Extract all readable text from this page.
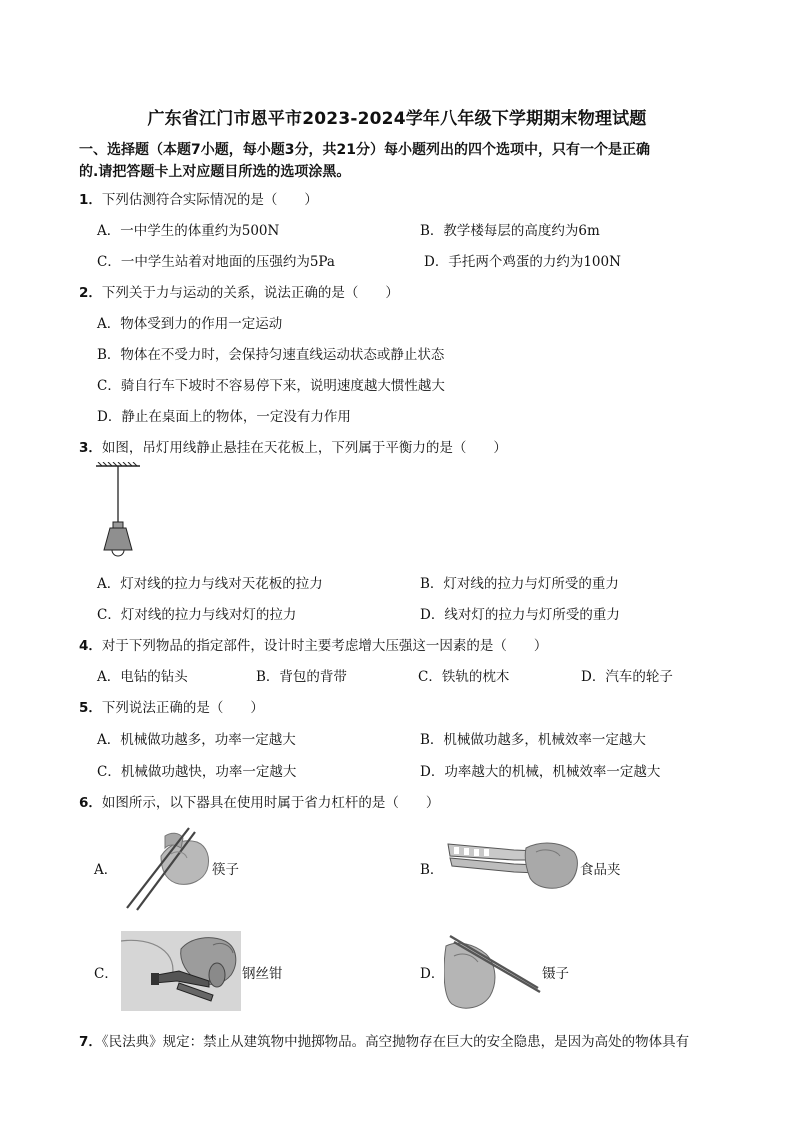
广东省江门市恩平市2023-2024学年八年级下学期期末物理试题
一、选择题（本题7小题，每小题3分，共21分）每小题列出的四个选项中，只有一个是正确
的.请把答题卡上对应题目所选的选项涂黑。
1．下列估测符合实际情况的是（　　）
A．一中学生的体重约为500N	B．教学楼每层的高度约为6m
C．一中学生站着对地面的压强约为5Pa	D．手托两个鸡蛋的力约为100N
2．下列关于力与运动的关系，说法正确的是（　　）
A．物体受到力的作用一定运动
B．物体在不受力时，会保持匀速直线运动状态或静止状态
C．骑自行车下坡时不容易停下来，说明速度越大惯性越大
D．静止在桌面上的物体，一定没有力作用
3．如图，吊灯用线静止悬挂在天花板上，下列属于平衡力的是（　　）
A．灯对线的拉力与线对天花板的拉力	B．灯对线的拉力与灯所受的重力
C．灯对线的拉力与线对灯的拉力	D．线对灯的拉力与灯所受的重力
4．对于下列物品的指定部件，设计时主要考虑增大压强这一因素的是（　　）
A．电钻的钻头	B．背包的背带	C．铁轨的枕木	D．汽车的轮子
5．下列说法正确的是（　　）
A．机械做功越多，功率一定越大	B．机械做功越多，机械效率一定越大
C．机械做功越快，功率一定越大	D．功率越大的机械，机械效率一定越大
6．如图所示，以下器具在使用时属于省力杠杆的是（　　）
A．	筷子	B．	食品夹
C．	钢丝钳	D．	镊子
7．《民法典》规定：禁止从建筑物中抛掷物品。高空抛物存在巨大的安全隐患，是因为高处的物体具有
